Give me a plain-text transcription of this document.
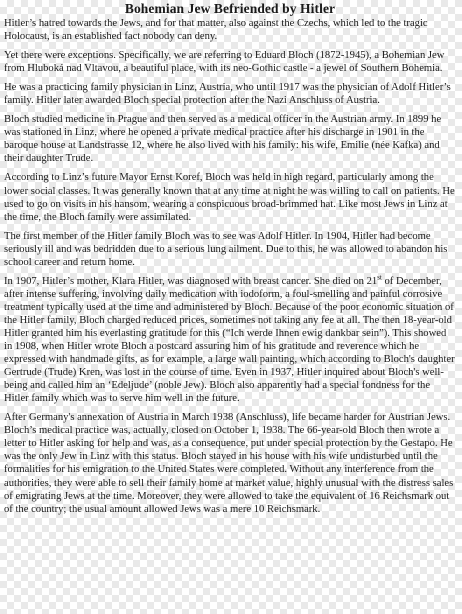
Bohemian Jew Befriended by Hitler

Hitler’s hatred towards the Jews, and for that matter, also against the Czechs, which led to the tragic Holocaust, is an established fact nobody can deny.

Yet there were exceptions. Specifically, we are referring to Eduard Bloch (1872-1945), a Bohemian Jew from Hluboká nad Vltavou, a beautiful place, with its neo-Gothic castle - a jewel of Southern Bohemia.

He was a practicing family physician in Linz, Austria, who until 1917 was the physician of Adolf Hitler’s family. Hitler later awarded Bloch special protection after the Nazi Anschluss of Austria.

Bloch studied medicine in Prague and then served as a medical officer in the Austrian army. In 1899 he was stationed in Linz, where he opened a private medical practice after his discharge in 1901 in the baroque house at Landstrasse 12, where he also lived with his family: his wife, Emilie (née Kafka) and their daughter Trude.

According to Linz’s future Mayor Ernst Koref, Bloch was held in high regard, particularly among the lower social classes. It was generally known that at any time at night he was willing to call on patients. He used to go on visits in his hansom, wearing a conspicuous broad-brimmed hat. Like most Jews in Linz at the time, the Bloch family were assimilated.

The first member of the Hitler family Bloch was to see was Adolf Hitler. In 1904, Hitler had become seriously ill and was bedridden due to a serious lung ailment. Due to this, he was allowed to abandon his school career and return home.

In 1907, Hitler’s mother, Klara Hitler, was diagnosed with breast cancer. She died on 21st of December, after intense suffering, involving daily medication with iodoform, a foul-smelling and painful corrosive treatment typically used at the time and administered by Bloch. Because of the poor economic situation of the Hitler family, Bloch charged reduced prices, sometimes not taking any fee at all. The then 18-year-old Hitler granted him his everlasting gratitude for this (“Ich werde Ihnen ewig dankbar sein”). This showed in 1908, when Hitler wrote Bloch a postcard assuring him of his gratitude and reverence which he expressed with handmade gifts, as for example, a large wall painting, which according to Bloch's daughter Gertrude (Trude) Kren, was lost in the course of time. Even in 1937, Hitler inquired about Bloch's well-being and called him an ‘Edeljude’ (noble Jew). Bloch also apparently had a special fondness for the Hitler family which was to serve him well in the future.

After Germany's annexation of Austria in March 1938 (Anschluss), life became harder for Austrian Jews. Bloch’s medical practice was, actually, closed on October 1, 1938. The 66-year-old Bloch then wrote a letter to Hitler asking for help and was, as a consequence, put under special protection by the Gestapo. He was the only Jew in Linz with this status. Bloch stayed in his house with his wife undisturbed until the formalities for his emigration to the United States were completed. Without any interference from the authorities, they were able to sell their family home at market value, highly unusual with the distress sales of emigrating Jews at the time. Moreover, they were allowed to take the equivalent of 16 Reichsmark out of the country; the usual amount allowed Jews was a mere 10 Reichsmark.
